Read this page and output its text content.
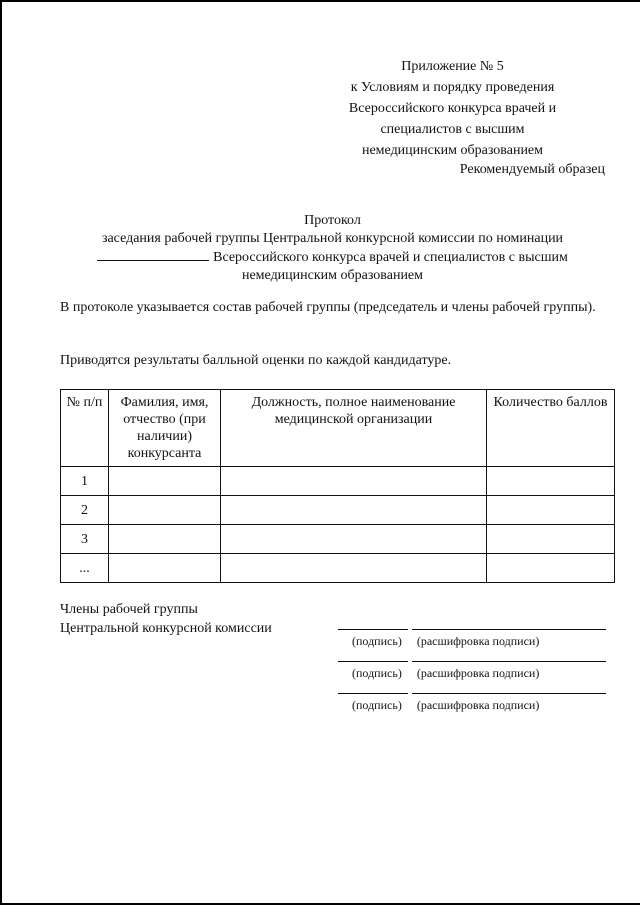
Приложение № 5
к Условиям и порядку проведения
Всероссийского конкурса врачей и
специалистов с высшим
немедицинским образованием
Рекомендуемый образец
Протокол
заседания рабочей группы Центральной конкурсной комиссии по номинации
Всероссийского конкурса врачей и специалистов с высшим
немедицинским образованием
В протоколе указывается состав рабочей группы (председатель и члены рабочей группы).
Приводятся результаты балльной оценки по каждой кандидатуре.
№ п/п	Фамилия, имя, отчество (при наличии) конкурсанта	Должность, полное наименование медицинской организации	Количество баллов
1			
2			
3			
...			
Члены рабочей группы
Центральной конкурсной комиссии
(подпись) (расшифровка подписи)
(подпись) (расшифровка подписи)
(подпись) (расшифровка подписи)
